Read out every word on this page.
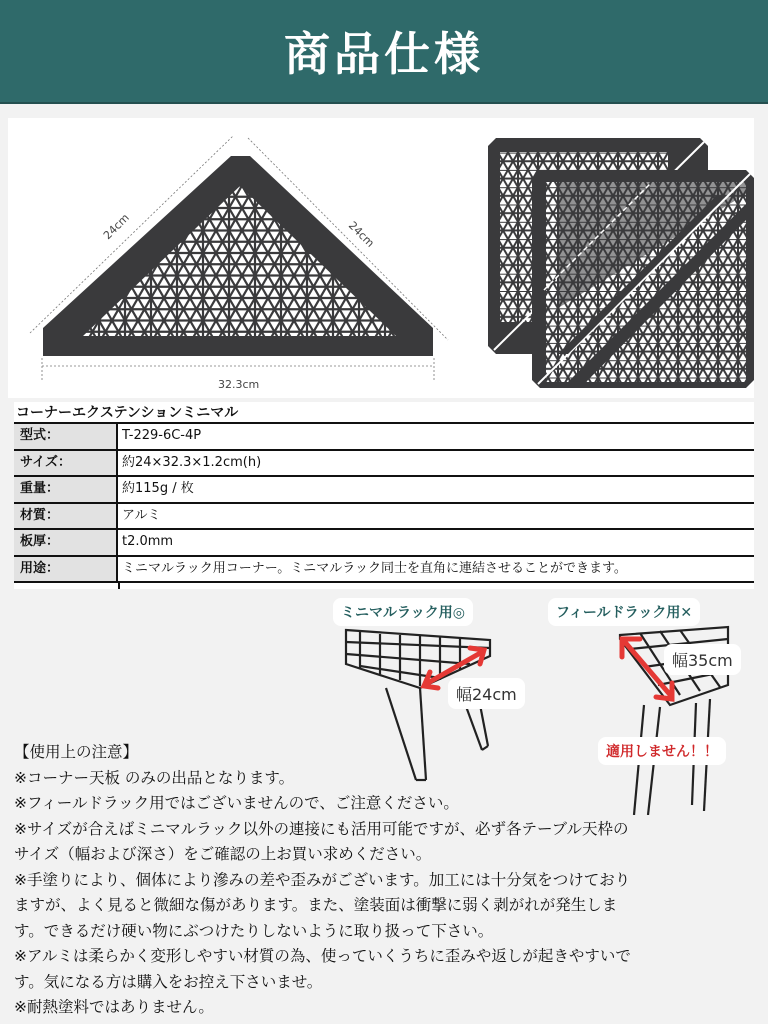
商品仕様
24cm	24cm
32.3cm
コーナーエクステンションミニマル
型式：	T-229-6C-4P
サイズ：	約24×32.3×1.2cm(h)
重量：	約115g / 枚
材質：	アルミ
板厚：	t2.0mm
用途：	ミニマルラック用コーナー。ミニマルラック同士を直角に連結させることができます。
ミニマルラック用◎
幅24cm
フィールドラック用✕
幅35cm
適用しません！！
【使用上の注意】
※コーナー天板 のみの出品となります。
※フィールドラック用ではございませんので、ご注意ください。
※サイズが合えばミニマルラック以外の連接にも活用可能ですが、必ず各テーブル天枠の
サイズ（幅および深さ）をご確認の上お買い求めください。
※手塗りにより、個体により滲みの差や歪みがございます。加工には十分気をつけており
ますが、よく見ると微細な傷があります。また、塗装面は衝撃に弱く剥がれが発生しま
す。できるだけ硬い物にぶつけたりしないように取り扱って下さい。
※アルミは柔らかく変形しやすい材質の為、使っていくうちに歪みや返しが起きやすいで
す。気になる方は購入をお控え下さいませ。
※耐熱塗料ではありません。
